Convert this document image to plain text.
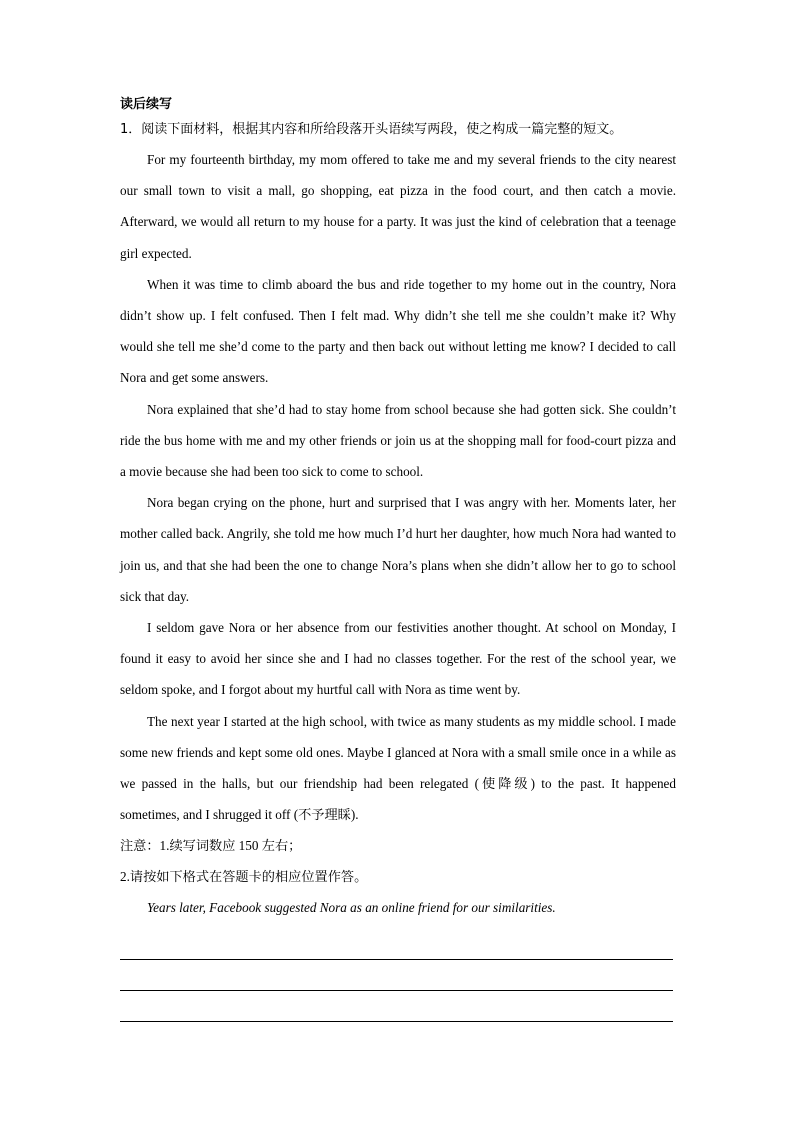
读后续写
1．阅读下面材料，根据其内容和所给段落开头语续写两段，使之构成一篇完整的短文。

For my fourteenth birthday, my mom offered to take me and my several friends to the city nearest our small town to visit a mall, go shopping, eat pizza in the food court, and then catch a movie. Afterward, we would all return to my house for a party. It was just the kind of celebration that a teenage girl expected.

When it was time to climb aboard the bus and ride together to my home out in the country, Nora didn’t show up. I felt confused. Then I felt mad. Why didn’t she tell me she couldn’t make it? Why would she tell me she’d come to the party and then back out without letting me know? I decided to call Nora and get some answers.

Nora explained that she’d had to stay home from school because she had gotten sick. She couldn’t ride the bus home with me and my other friends or join us at the shopping mall for food-court pizza and a movie because she had been too sick to come to school.

Nora began crying on the phone, hurt and surprised that I was angry with her. Moments later, her mother called back. Angrily, she told me how much I’d hurt her daughter, how much Nora had wanted to join us, and that she had been the one to change Nora’s plans when she didn’t allow her to go to school sick that day.

I seldom gave Nora or her absence from our festivities another thought. At school on Monday, I found it easy to avoid her since she and I had no classes together. For the rest of the school year, we seldom spoke, and I forgot about my hurtful call with Nora as time went by.

The next year I started at the high school, with twice as many students as my middle school. I made some new friends and kept some old ones. Maybe I glanced at Nora with a small smile once in a while as we passed in the halls, but our friendship had been relegated (使降级) to the past. It happened sometimes, and I shrugged it off (不予理睬).

注意：1.续写词数应 150 左右；

2.请按如下格式在答题卡的相应位置作答。

Years later, Facebook suggested Nora as an online friend for our similarities.
